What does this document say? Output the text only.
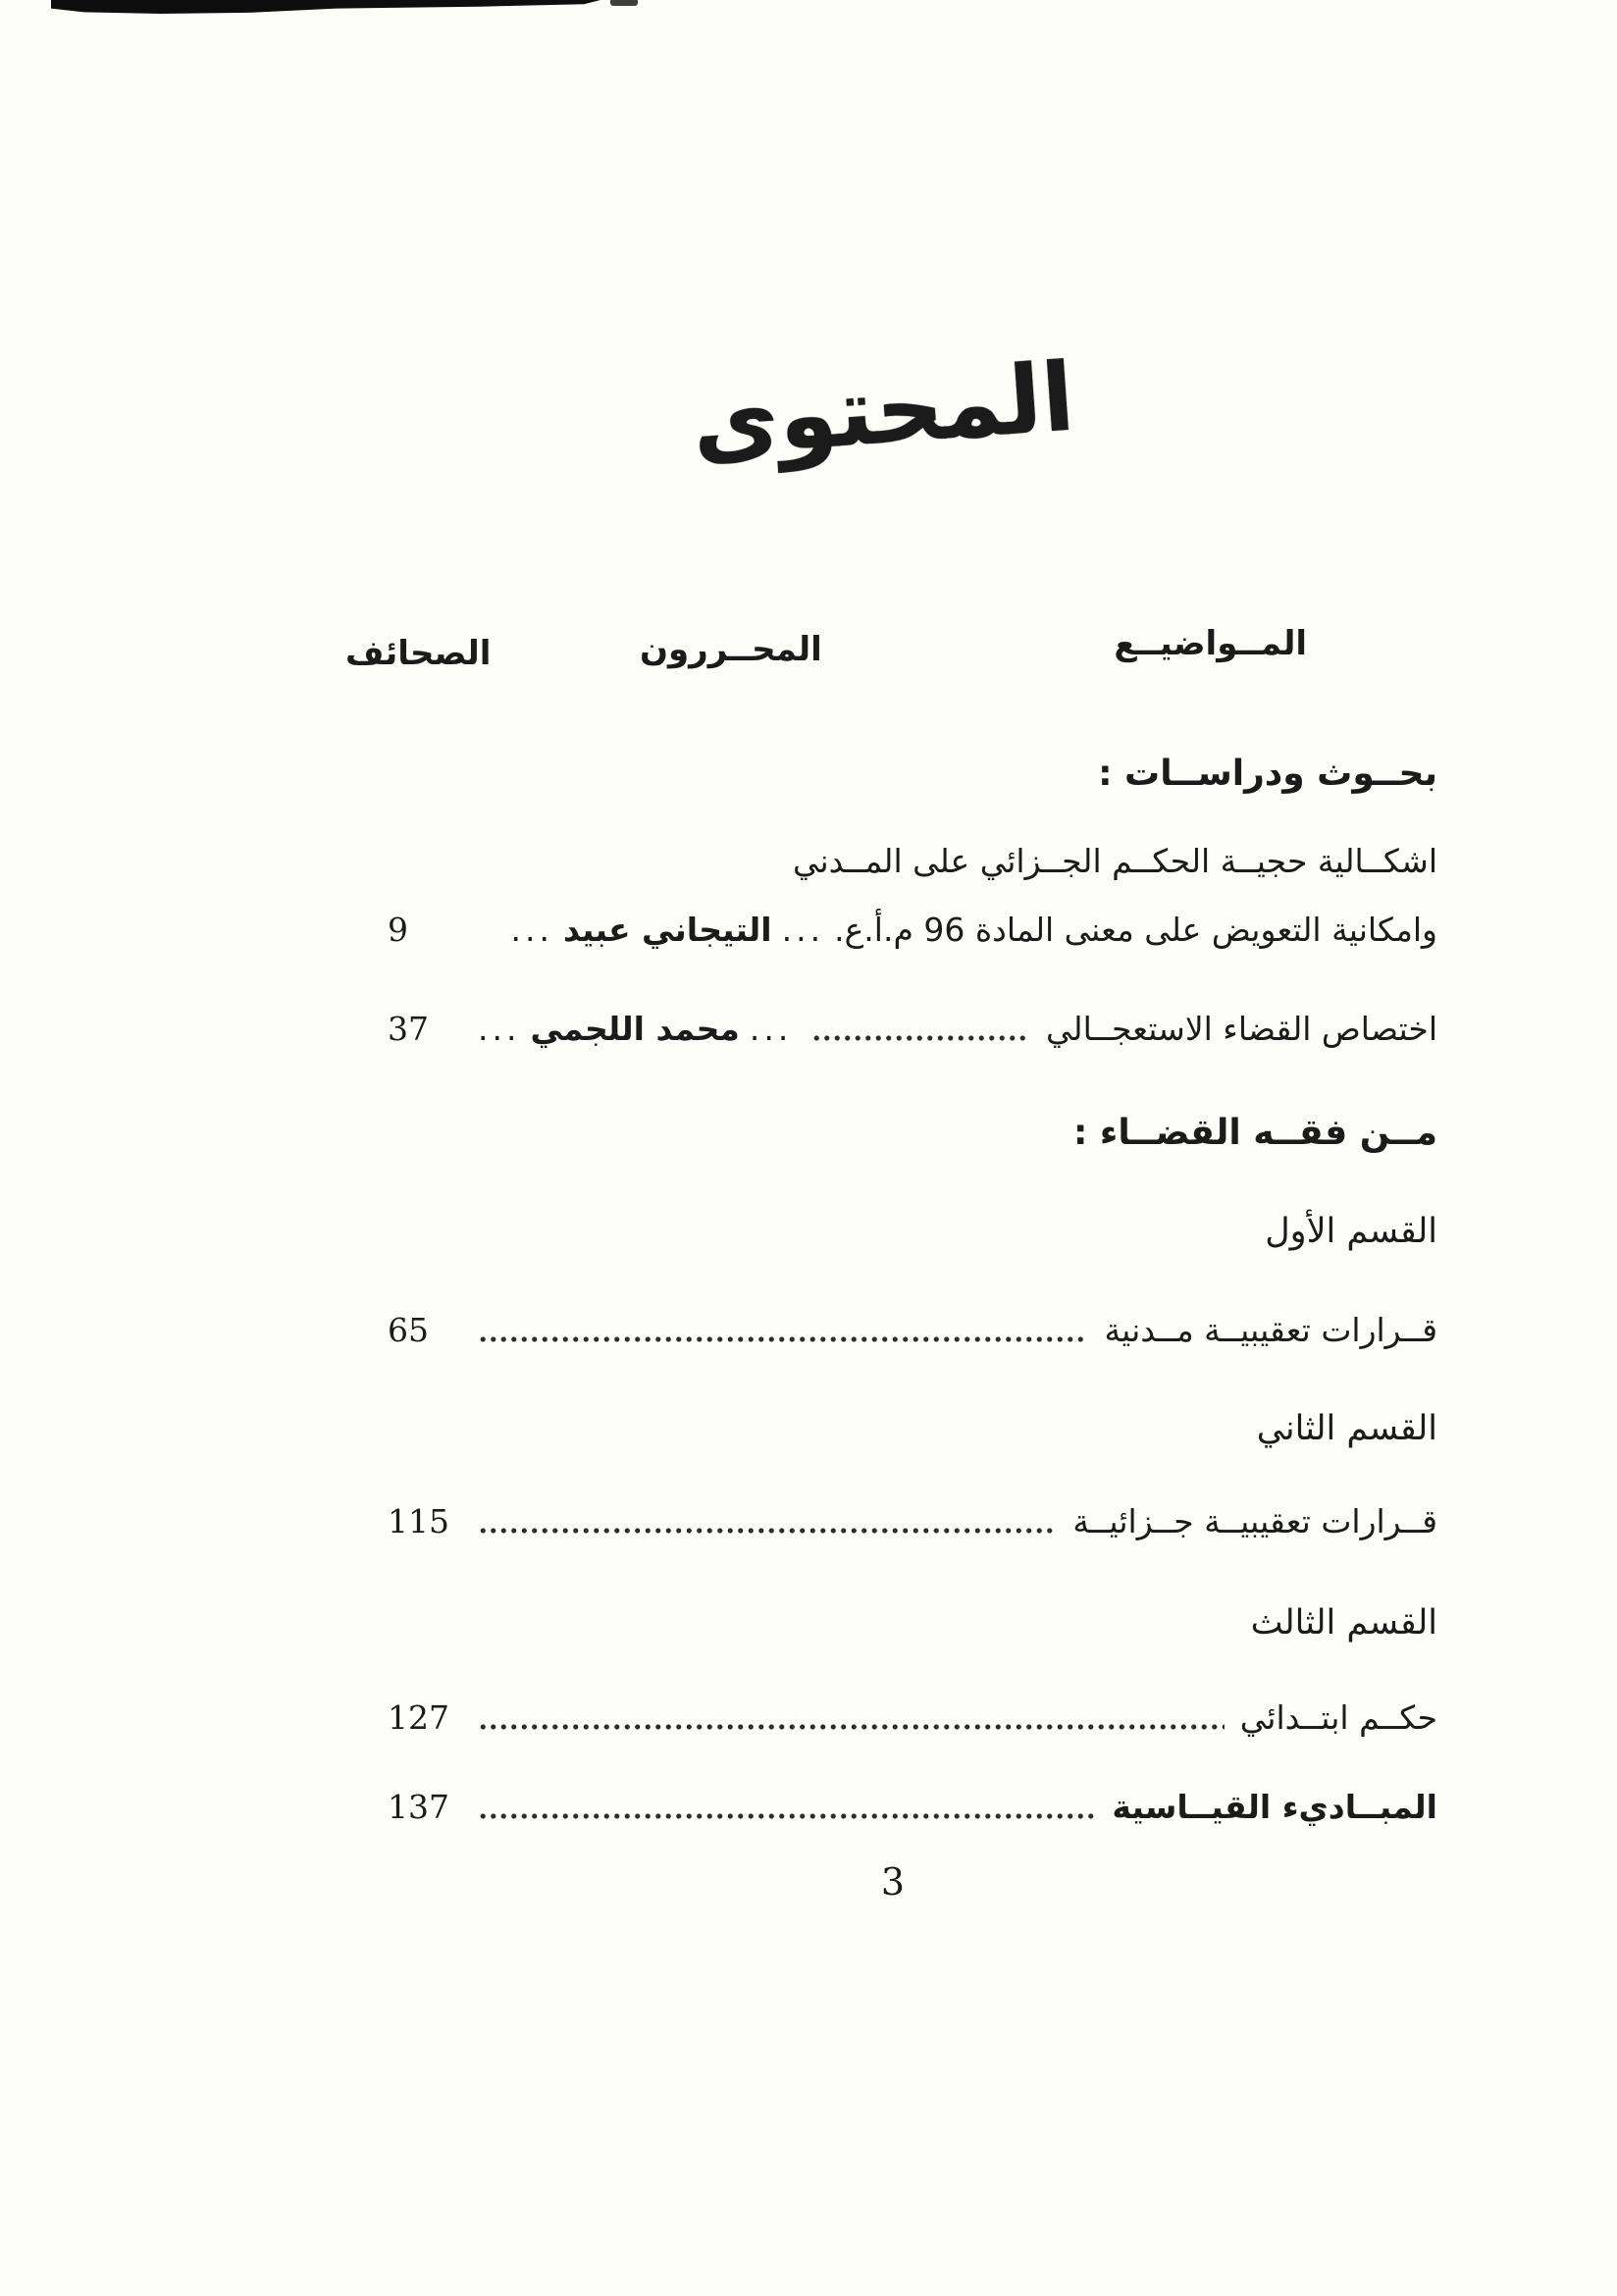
المحتوى
المــواضيــع
المحــررون
الصحائف
بحــوث ودراســات :
اشكــالية حجيــة الحكــم الجــزائي على المــدني
وامكانية التعويض على معنى المادة 96 م.أ.ع.
...
التيجاني عبيد
...
9
اختصاص القضاء الاستعجــالي
...
محمد اللجمي
...
37
مــن فقــه القضــاء :
القسم الأول
قــرارات تعقيبيــة مــدنية
65
القسم الثاني
قــرارات تعقيبيــة جــزائيــة
115
القسم الثالث
حكــم ابتــدائي
127
المبــاديء القيــاسية
137
3
